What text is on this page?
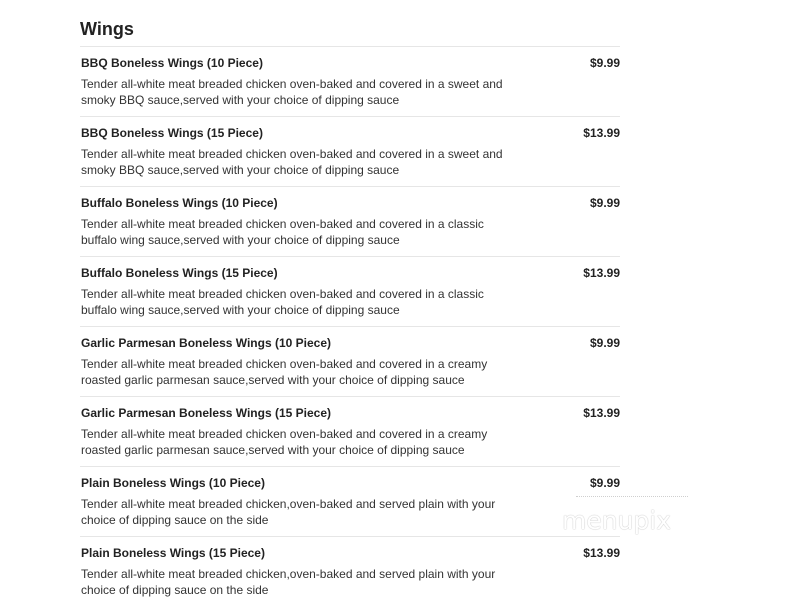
Wings
BBQ Boneless Wings (10 Piece)	$9.99
Tender all-white meat breaded chicken oven-baked and covered in a sweet and smoky BBQ sauce,served with your choice of dipping sauce
BBQ Boneless Wings (15 Piece)	$13.99
Tender all-white meat breaded chicken oven-baked and covered in a sweet and smoky BBQ sauce,served with your choice of dipping sauce
Buffalo Boneless Wings (10 Piece)	$9.99
Tender all-white meat breaded chicken oven-baked and covered in a classic buffalo wing sauce,served with your choice of dipping sauce
Buffalo Boneless Wings (15 Piece)	$13.99
Tender all-white meat breaded chicken oven-baked and covered in a classic buffalo wing sauce,served with your choice of dipping sauce
Garlic Parmesan Boneless Wings (10 Piece)	$9.99
Tender all-white meat breaded chicken oven-baked and covered in a creamy roasted garlic parmesan sauce,served with your choice of dipping sauce
Garlic Parmesan Boneless Wings (15 Piece)	$13.99
Tender all-white meat breaded chicken oven-baked and covered in a creamy roasted garlic parmesan sauce,served with your choice of dipping sauce
Plain Boneless Wings (10 Piece)	$9.99
Tender all-white meat breaded chicken,oven-baked and served plain with your choice of dipping sauce on the side
Plain Boneless Wings (15 Piece)	$13.99
Tender all-white meat breaded chicken,oven-baked and served plain with your choice of dipping sauce on the side
menupix
